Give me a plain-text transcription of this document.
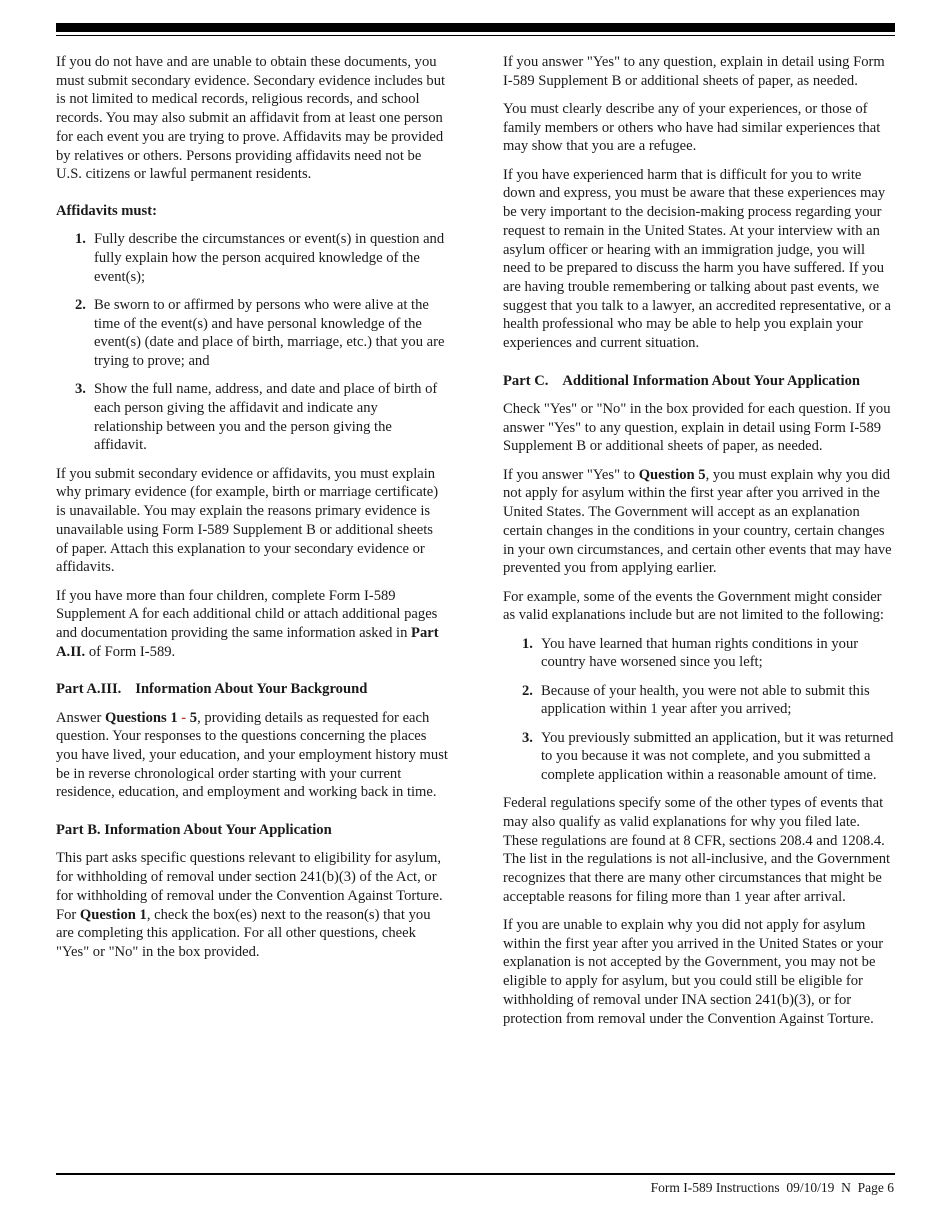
If you do not have and are unable to obtain these documents, you must submit secondary evidence. Secondary evidence includes but is not limited to medical records, religious records, and school records. You may also submit an affidavit from at least one person for each event you are trying to prove. Affidavits may be provided by relatives or others. Persons providing affidavits need not be U.S. citizens or lawful permanent residents.

Affidavits must:

1. Fully describe the circumstances or event(s) in question and fully explain how the person acquired knowledge of the event(s);
2. Be sworn to or affirmed by persons who were alive at the time of the event(s) and have personal knowledge of the event(s) (date and place of birth, marriage, etc.) that you are trying to prove; and
3. Show the full name, address, and date and place of birth of each person giving the affidavit and indicate any relationship between you and the person giving the affidavit.

If you submit secondary evidence or affidavits, you must explain why primary evidence (for example, birth or marriage certificate) is unavailable. You may explain the reasons primary evidence is unavailable using Form I-589 Supplement B or additional sheets of paper. Attach this explanation to your secondary evidence or affidavits.

If you have more than four children, complete Form I-589 Supplement A for each additional child or attach additional pages and documentation providing the same information asked in Part A.II. of Form I-589.

Part A.III. Information About Your Background

Answer Questions 1 - 5, providing details as requested for each question. Your responses to the questions concerning the places you have lived, your education, and your employment history must be in reverse chronological order starting with your current residence, education, and employment and working back in time.

Part B. Information About Your Application

This part asks specific questions relevant to eligibility for asylum, for withholding of removal under section 241(b)(3) of the Act, or for withholding of removal under the Convention Against Torture. For Question 1, check the box(es) next to the reason(s) that you are completing this application. For all other questions, cheek "Yes" or "No" in the box provided.

If you answer "Yes" to any question, explain in detail using Form I-589 Supplement B or additional sheets of paper, as needed.

You must clearly describe any of your experiences, or those of family members or others who have had similar experiences that may show that you are a refugee.

If you have experienced harm that is difficult for you to write down and express, you must be aware that these experiences may be very important to the decision-making process regarding your request to remain in the United States. At your interview with an asylum officer or hearing with an immigration judge, you will need to be prepared to discuss the harm you have suffered. If you are having trouble remembering or talking about past events, we suggest that you talk to a lawyer, an accredited representative, or a health professional who may be able to help you explain your experiences and current situation.

Part C. Additional Information About Your Application

Check "Yes" or "No" in the box provided for each question. If you answer "Yes" to any question, explain in detail using Form I-589 Supplement B or additional sheets of paper, as needed.

If you answer "Yes" to Question 5, you must explain why you did not apply for asylum within the first year after you arrived in the United States. The Government will accept as an explanation certain changes in the conditions in your country, certain changes in your own circumstances, and certain other events that may have prevented you from applying earlier.

For example, some of the events the Government might consider as valid explanations include but are not limited to the following:

1. You have learned that human rights conditions in your country have worsened since you left;
2. Because of your health, you were not able to submit this application within 1 year after you arrived;
3. You previously submitted an application, but it was returned to you because it was not complete, and you submitted a complete application within a reasonable amount of time.

Federal regulations specify some of the other types of events that may also qualify as valid explanations for why you filed late. These regulations are found at 8 CFR, sections 208.4 and 1208.4. The list in the regulations is not all-inclusive, and the Government recognizes that there are many other circumstances that might be acceptable reasons for filing more than 1 year after arrival.

If you are unable to explain why you did not apply for asylum within the first year after you arrived in the United States or your explanation is not accepted by the Government, you may not be eligible to apply for asylum, but you could still be eligible for withholding of removal under INA section 241(b)(3), or for protection from removal under the Convention Against Torture.

Form I-589 Instructions  09/10/19  N  Page 6
